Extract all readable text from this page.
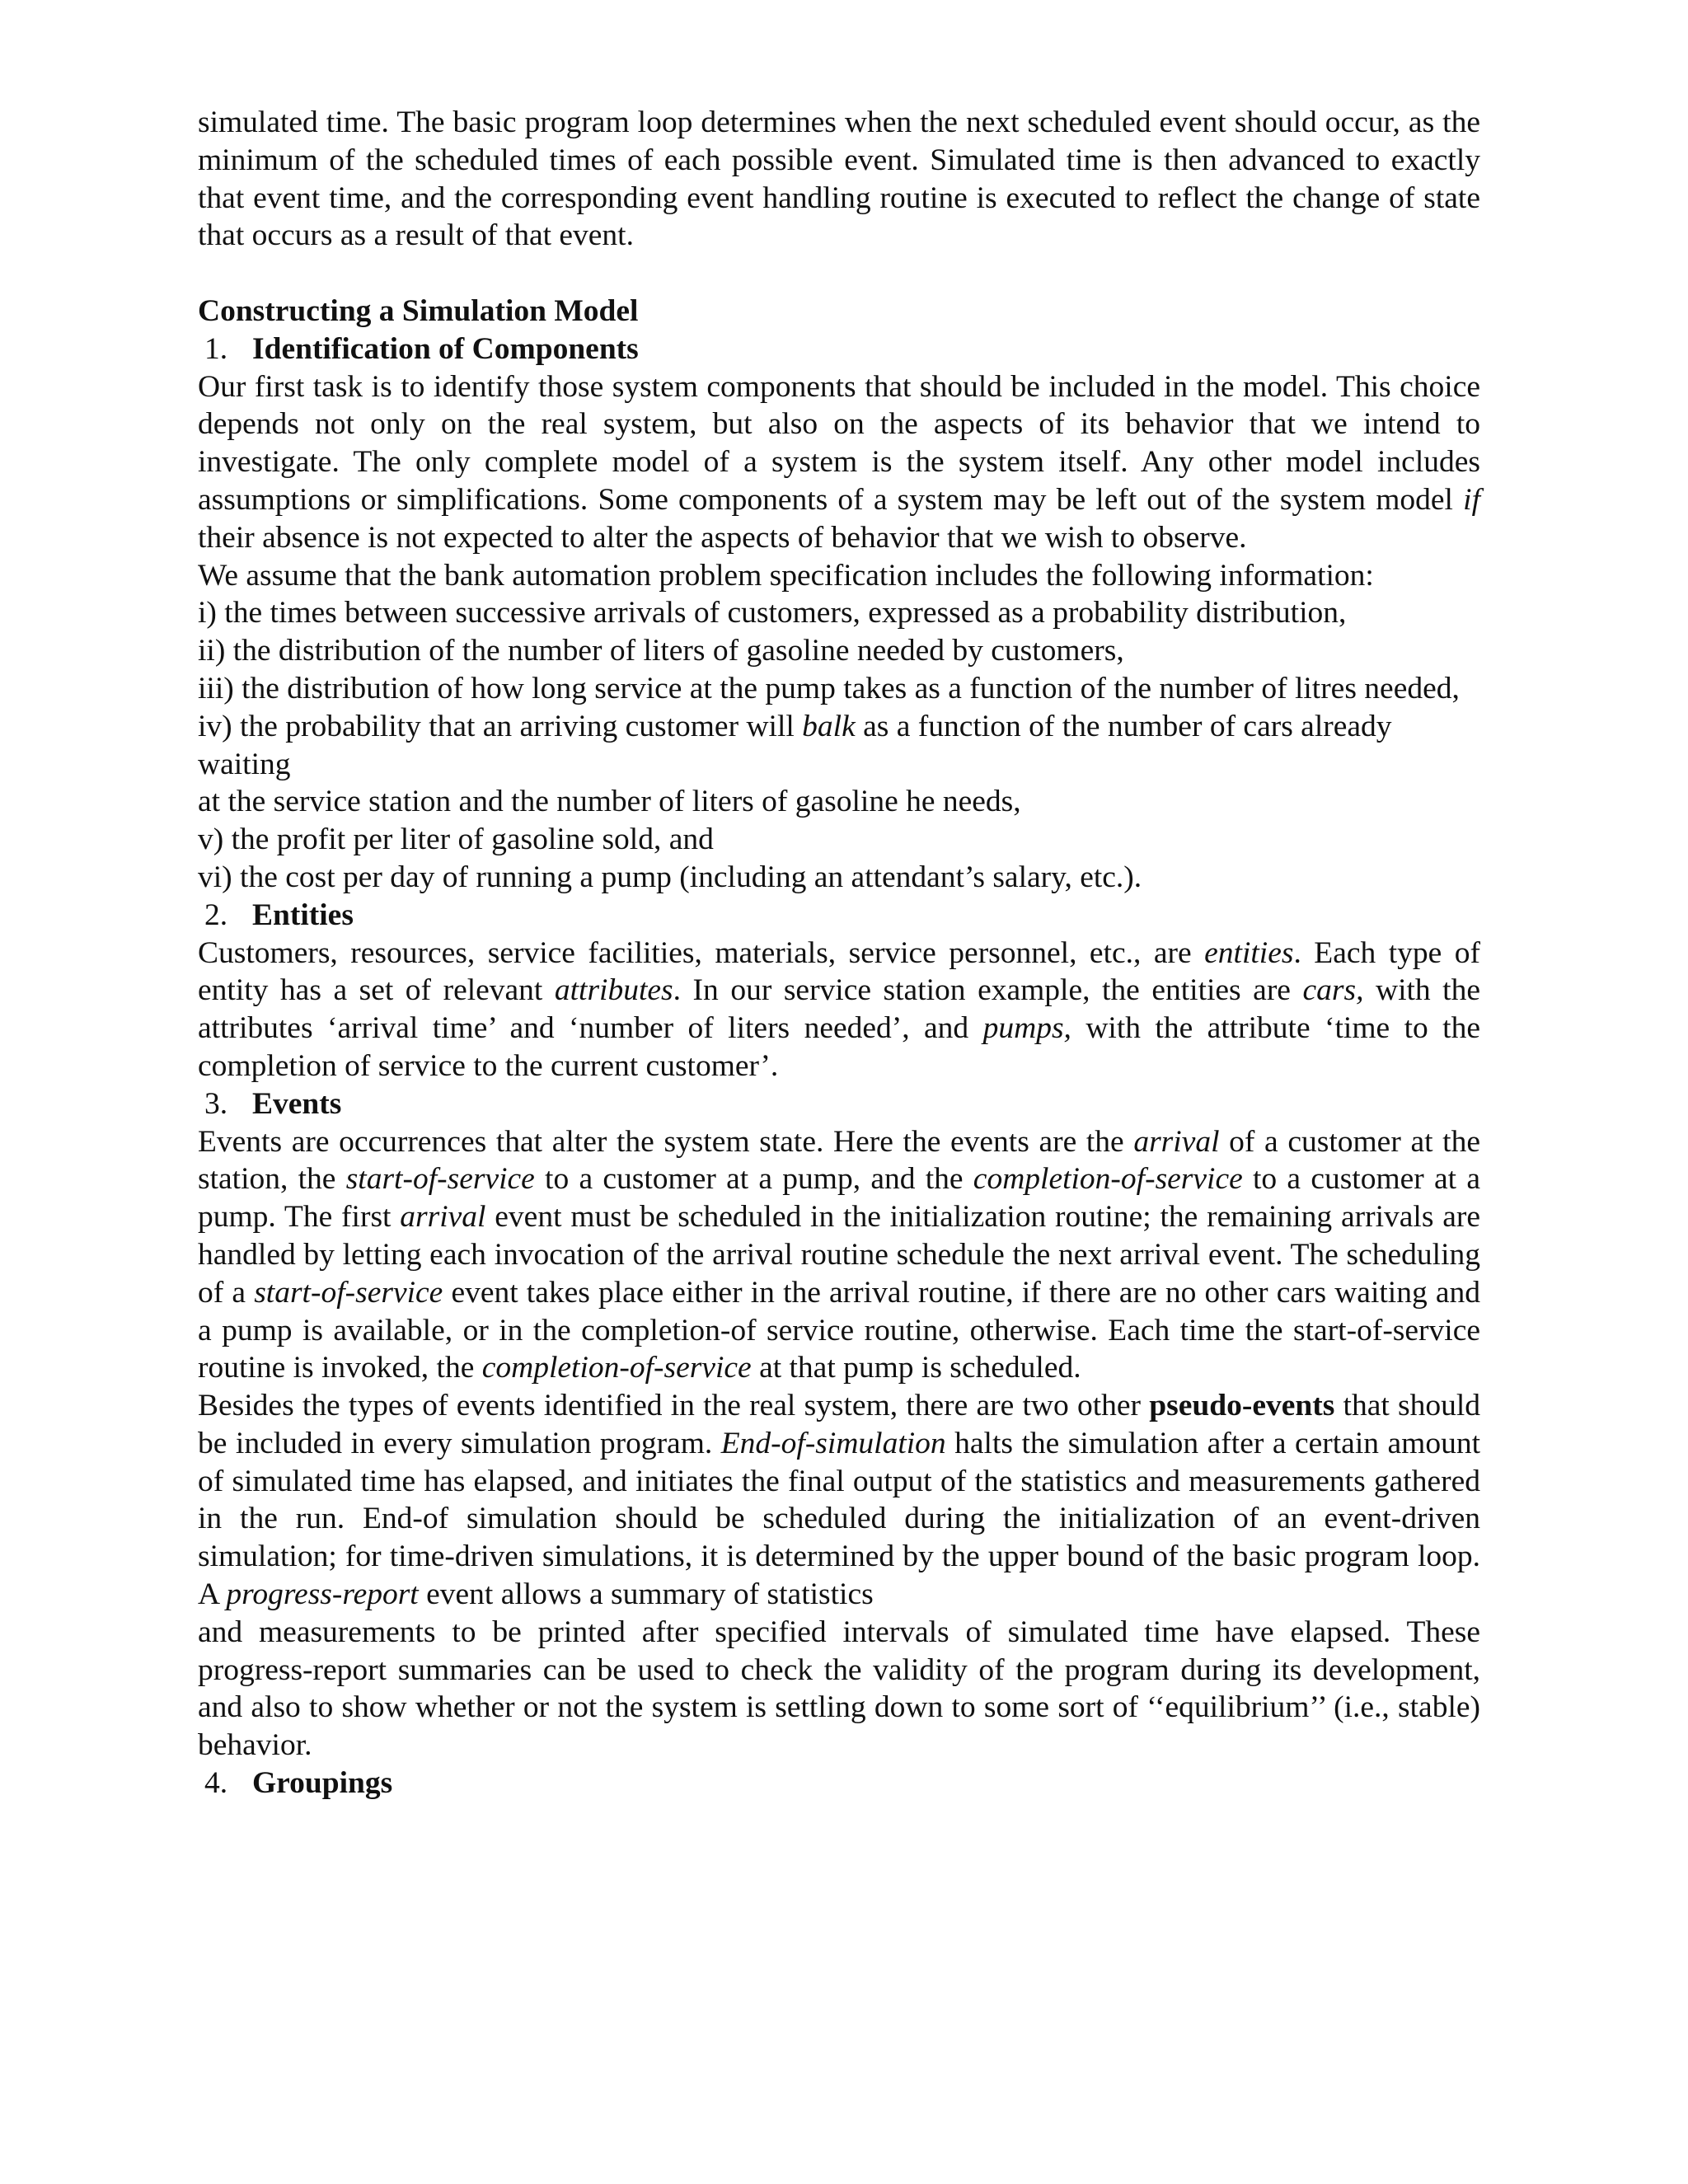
simulated time. The basic program loop determines when the next scheduled event should occur, as the minimum of the scheduled times of each possible event. Simulated time is then advanced to exactly that event time, and the corresponding event handling routine is executed to reflect the change of state that occurs as a result of that event.

Constructing a Simulation Model

1. Identification of Components

Our first task is to identify those system components that should be included in the model. This choice depends not only on the real system, but also on the aspects of its behavior that we intend to investigate. The only complete model of a system is the system itself. Any other model includes assumptions or simplifications. Some components of a system may be left out of the system model if their absence is not expected to alter the aspects of behavior that we wish to observe.

We assume that the bank automation problem specification includes the following information:

i) the times between successive arrivals of customers, expressed as a probability distribution,

ii) the distribution of the number of liters of gasoline needed by customers,

iii) the distribution of how long service at the pump takes as a function of the number of litres needed,

iv) the probability that an arriving customer will balk as a function of the number of cars already waiting

at the service station and the number of liters of gasoline he needs,

v) the profit per liter of gasoline sold, and

vi) the cost per day of running a pump (including an attendant’s salary, etc.).

2. Entities

Customers, resources, service facilities, materials, service personnel, etc., are entities. Each type of entity has a set of relevant attributes. In our service station example, the entities are cars, with the attributes ‘arrival time’ and ‘number of liters needed’, and pumps, with the attribute ‘time to the completion of service to the current customer’.

3. Events

Events are occurrences that alter the system state. Here the events are the arrival of a customer at the station, the start-of-service to a customer at a pump, and the completion-of-service to a customer at a pump. The first arrival event must be scheduled in the initialization routine; the remaining arrivals are handled by letting each invocation of the arrival routine schedule the next arrival event. The scheduling of a start-of-service event takes place either in the arrival routine, if there are no other cars waiting and a pump is available, or in the completion-of service routine, otherwise. Each time the start-of-service routine is invoked, the completion-of-service at that pump is scheduled.

Besides the types of events identified in the real system, there are two other pseudo-events that should be included in every simulation program. End-of-simulation halts the simulation after a certain amount of simulated time has elapsed, and initiates the final output of the statistics and measurements gathered in the run. End-of simulation should be scheduled during the initialization of an event-driven simulation; for time-driven simulations, it is determined by the upper bound of the basic program loop. A progress-report event allows a summary of statistics

and measurements to be printed after specified intervals of simulated time have elapsed. These progress-report summaries can be used to check the validity of the program during its development, and also to show whether or not the system is settling down to some sort of ‘‘equilibrium’’ (i.e., stable) behavior.

4. Groupings
